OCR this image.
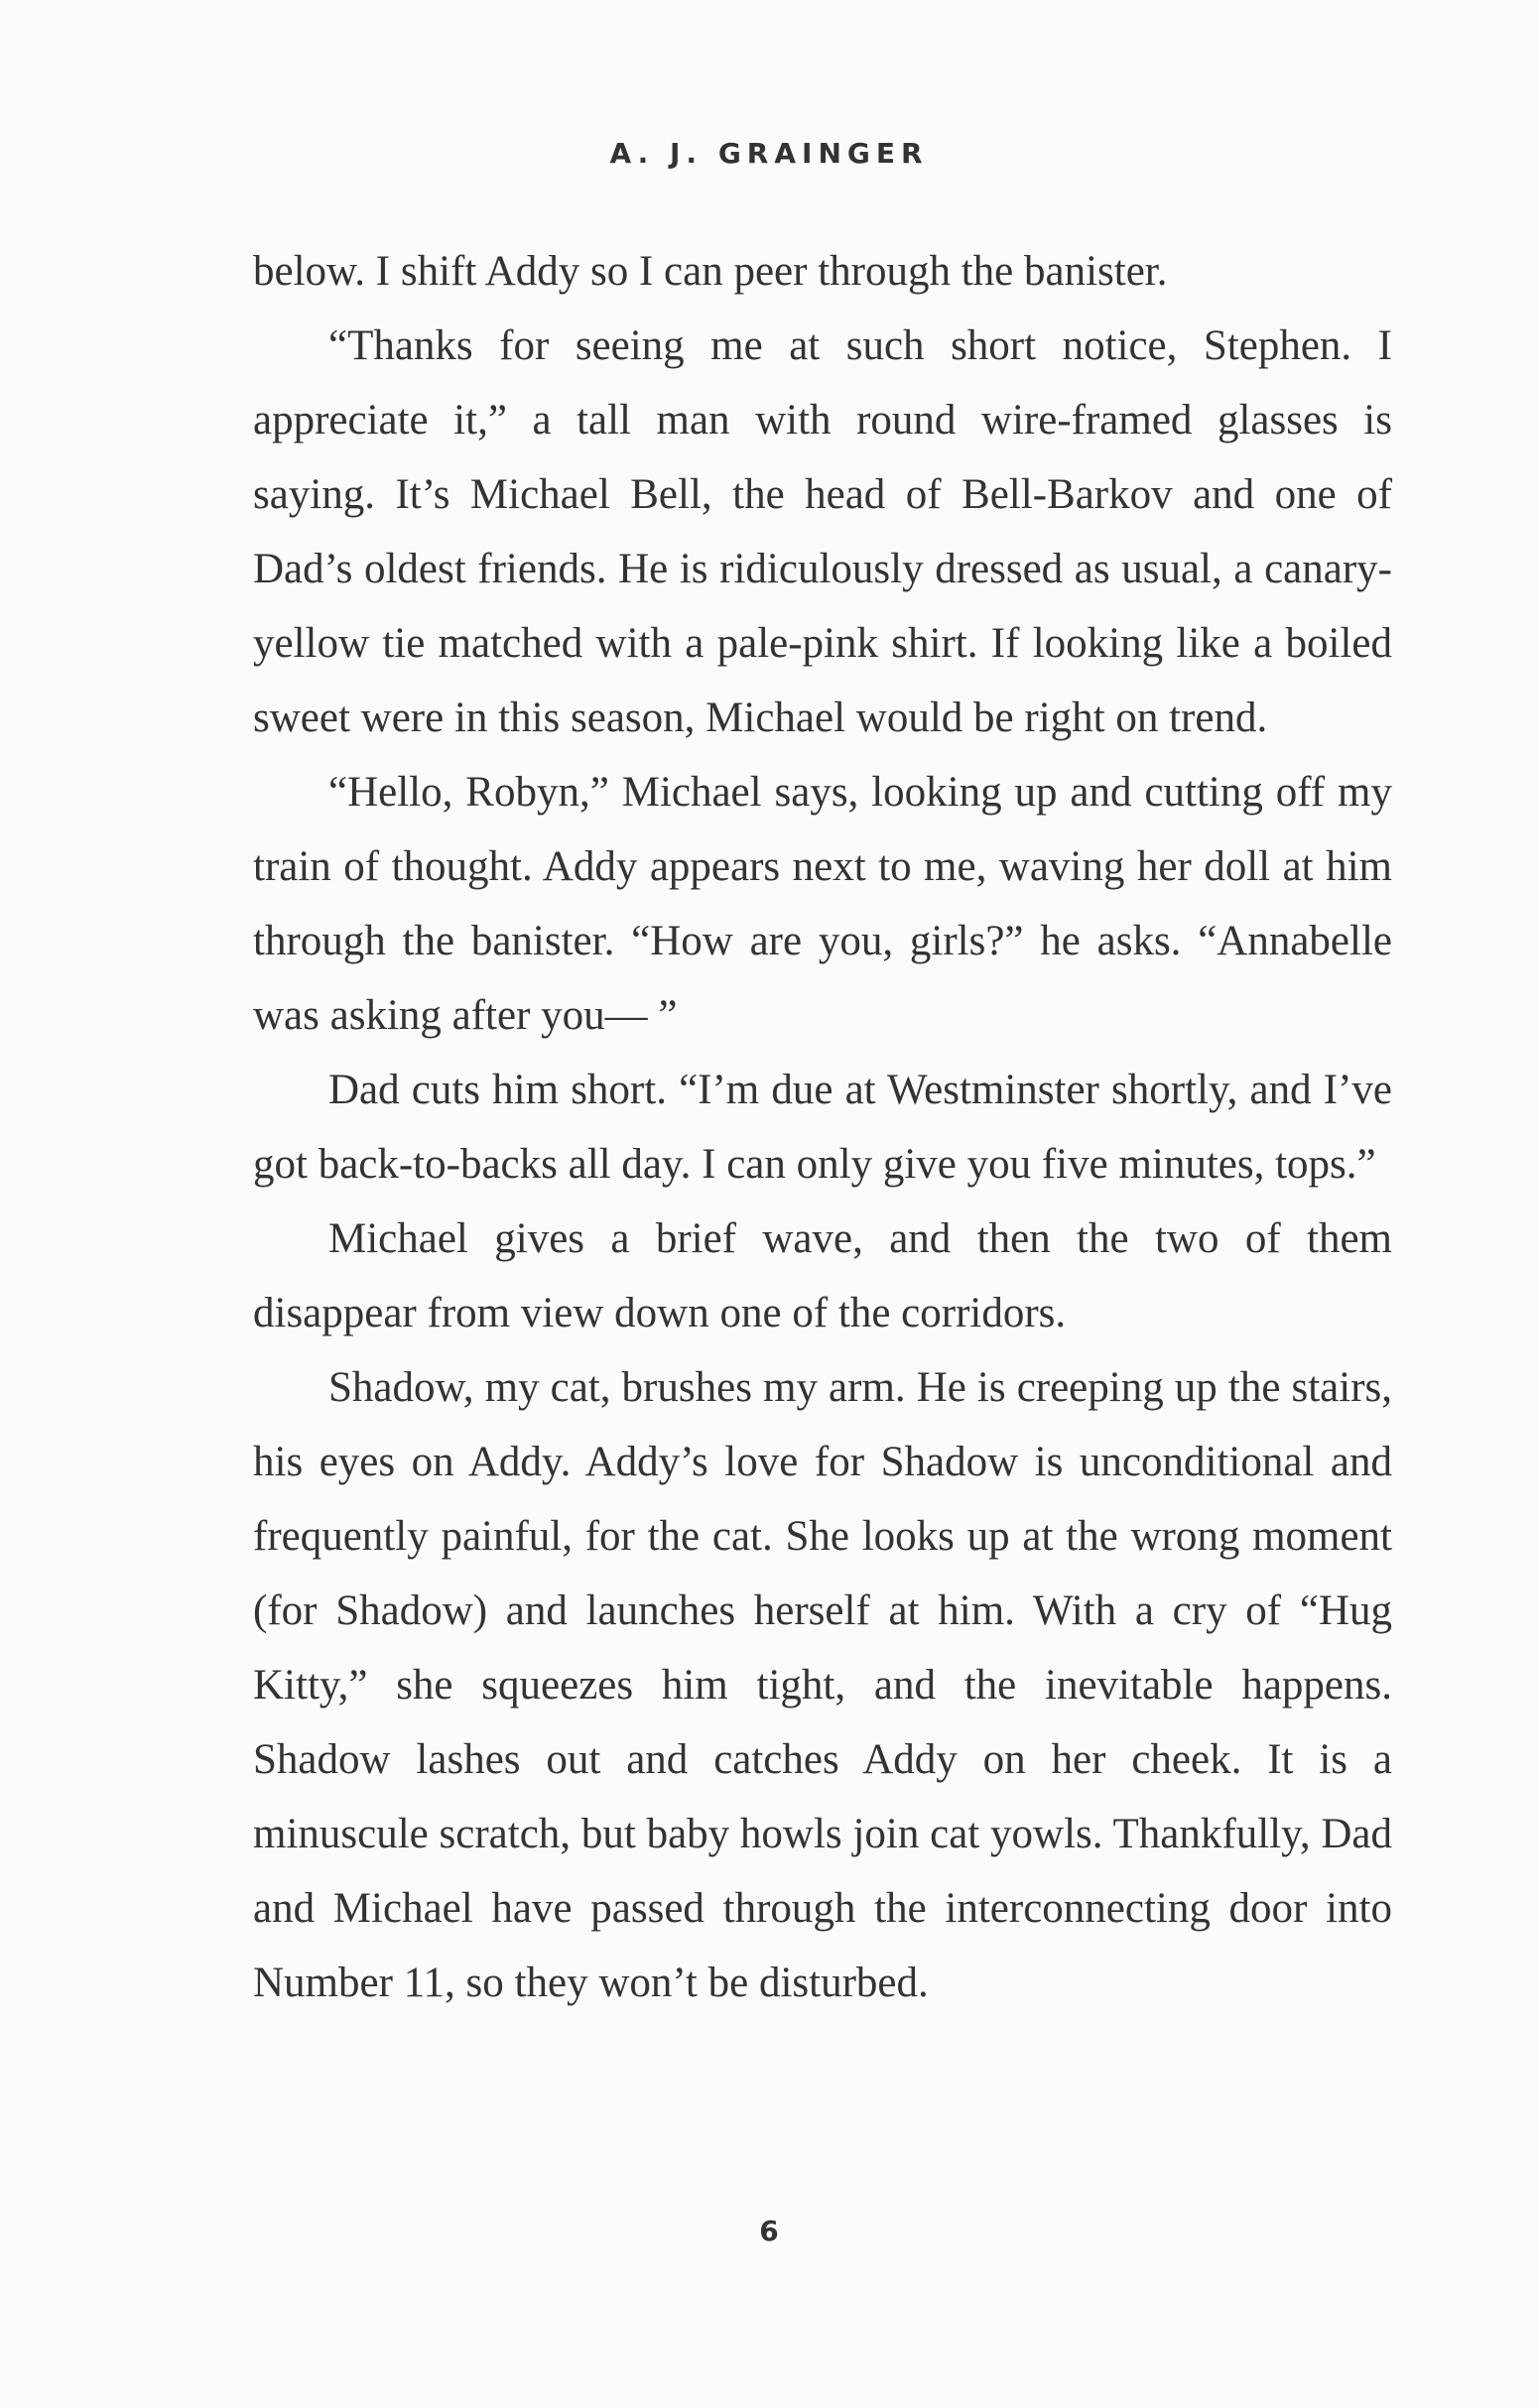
A. J. GRAINGER

below. I shift Addy so I can peer through the banister.

“Thanks for seeing me at such short notice, Stephen. I appreciate it,” a tall man with round wire-framed glasses is saying. It’s Michael Bell, the head of Bell-Barkov and one of Dad’s oldest friends. He is ridiculously dressed as usual, a canary-yellow tie matched with a pale-pink shirt. If looking like a boiled sweet were in this season, Michael would be right on trend.

“Hello, Robyn,” Michael says, looking up and cutting off my train of thought. Addy appears next to me, waving her doll at him through the banister. “How are you, girls?” he asks. “Annabelle was asking after you— ”

Dad cuts him short. “I’m due at Westminster shortly, and I’ve got back-to-backs all day. I can only give you five minutes, tops.”

Michael gives a brief wave, and then the two of them disappear from view down one of the corridors.

Shadow, my cat, brushes my arm. He is creeping up the stairs, his eyes on Addy. Addy’s love for Shadow is unconditional and frequently painful, for the cat. She looks up at the wrong moment (for Shadow) and launches herself at him. With a cry of “Hug Kitty,” she squeezes him tight, and the inevitable happens. Shadow lashes out and catches Addy on her cheek. It is a minuscule scratch, but baby howls join cat yowls. Thankfully, Dad and Michael have passed through the interconnecting door into Number 11, so they won’t be disturbed.

6
